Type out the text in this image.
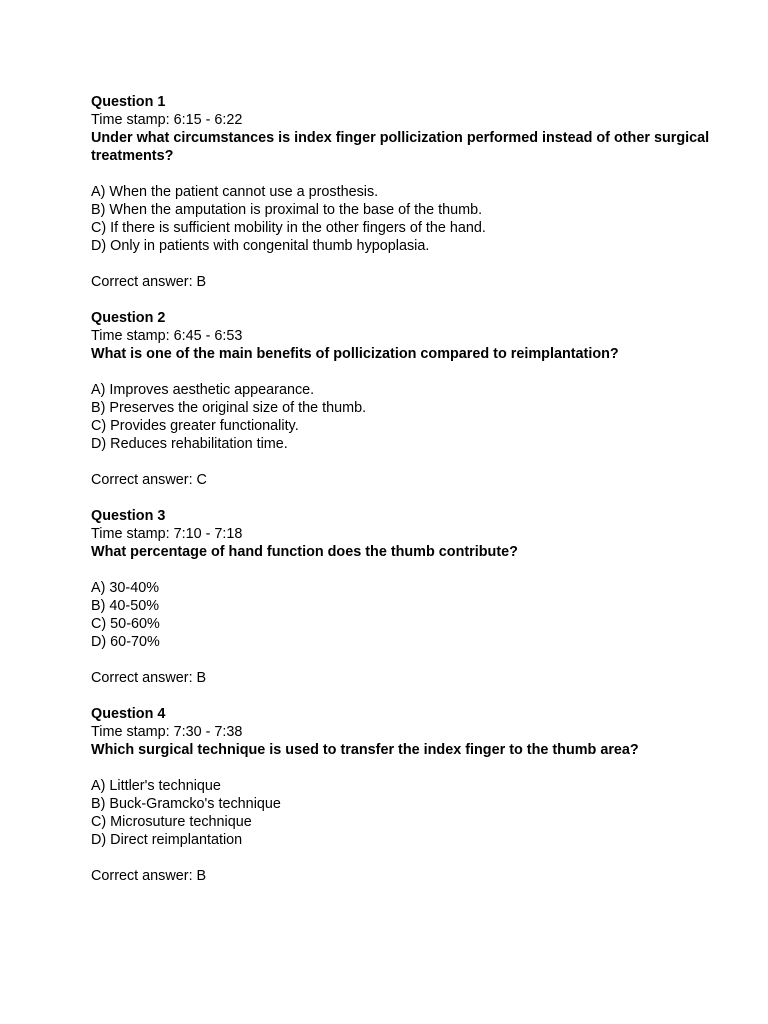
Question 1
Time stamp: 6:15 - 6:22
Under what circumstances is index finger pollicization performed instead of other surgical treatments?
A) When the patient cannot use a prosthesis.
B) When the amputation is proximal to the base of the thumb.
C) If there is sufficient mobility in the other fingers of the hand.
D) Only in patients with congenital thumb hypoplasia.
Correct answer: B
Question 2
Time stamp: 6:45 - 6:53
What is one of the main benefits of pollicization compared to reimplantation?
A) Improves aesthetic appearance.
B) Preserves the original size of the thumb.
C) Provides greater functionality.
D) Reduces rehabilitation time.
Correct answer: C
Question 3
Time stamp: 7:10 - 7:18
What percentage of hand function does the thumb contribute?
A) 30-40%
B) 40-50%
C) 50-60%
D) 60-70%
Correct answer: B
Question 4
Time stamp: 7:30 - 7:38
Which surgical technique is used to transfer the index finger to the thumb area?
A) Littler's technique
B) Buck-Gramcko's technique
C) Microsuture technique
D) Direct reimplantation
Correct answer: B
